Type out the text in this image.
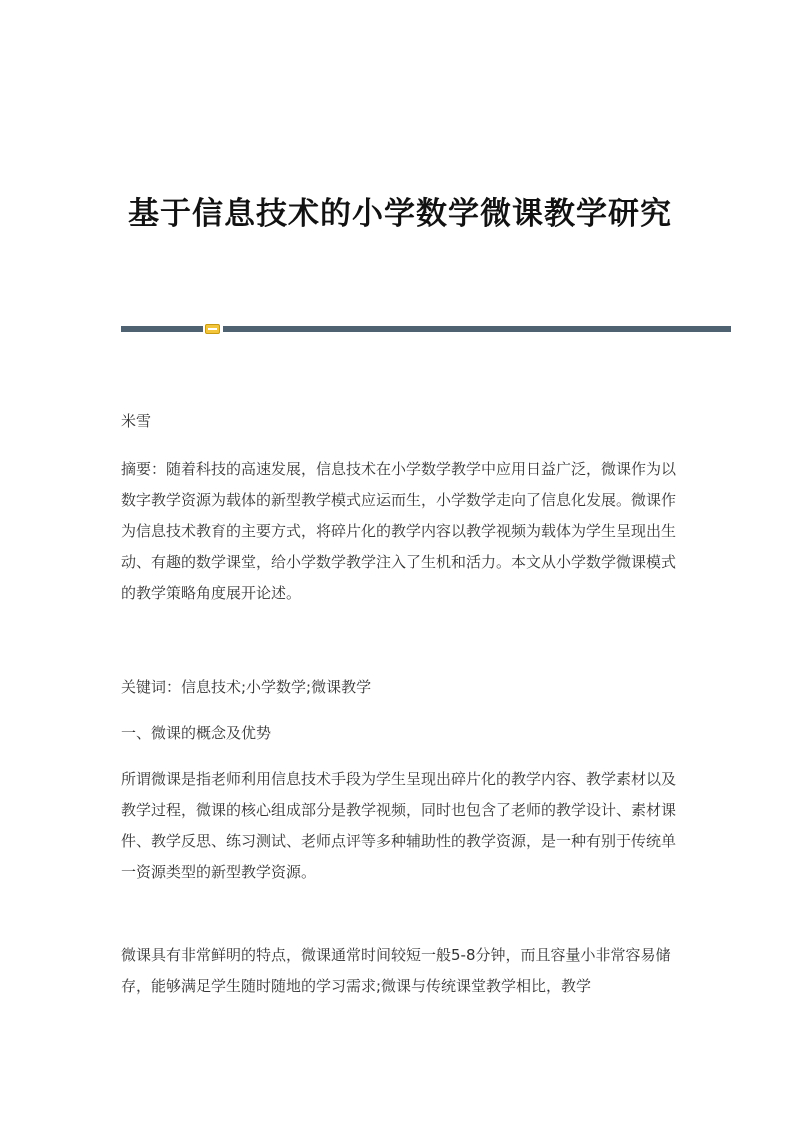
基于信息技术的小学数学微课教学研究

米雪

摘要：随着科技的高速发展，信息技术在小学数学教学中应用日益广泛，微课作为以数字教学资源为载体的新型教学模式应运而生，小学数学走向了信息化发展。微课作为信息技术教育的主要方式，将碎片化的教学内容以教学视频为载体为学生呈现出生动、有趣的数学课堂，给小学数学教学注入了生机和活力。本文从小学数学微课模式的教学策略角度展开论述。

关键词：信息技术;小学数学;微课教学

一、微课的概念及优势

所谓微课是指老师利用信息技术手段为学生呈现出碎片化的教学内容、教学素材以及教学过程，微课的核心组成部分是教学视频，同时也包含了老师的教学设计、素材课件、教学反思、练习测试、老师点评等多种辅助性的教学资源，是一种有别于传统单一资源类型的新型教学资源。

微课具有非常鲜明的特点，微课通常时间较短一般5-8分钟，而且容量小非常容易储存，能够满足学生随时随地的学习需求;微课与传统课堂教学相比，教学
